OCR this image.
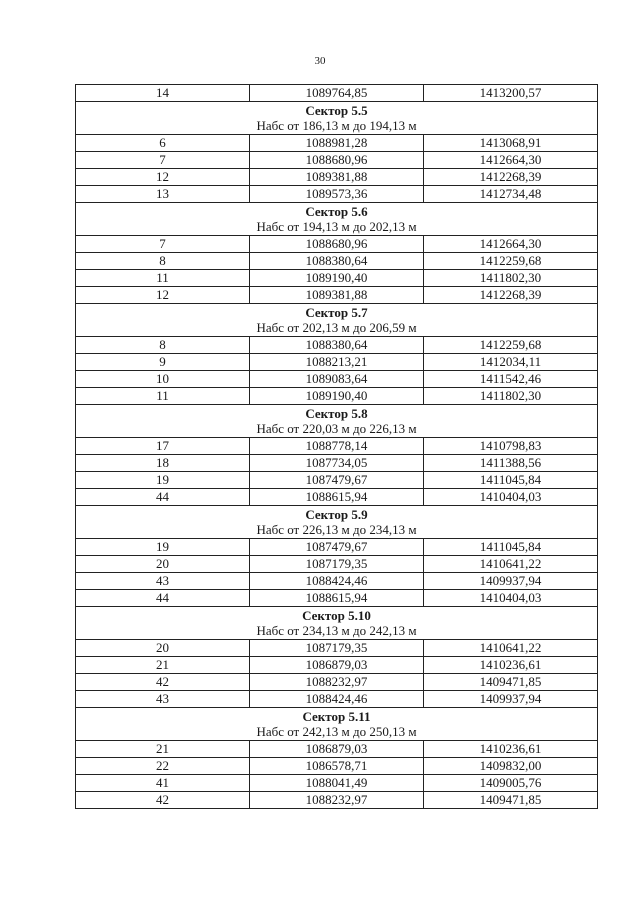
30
14	1089764,85	1413200,57

Сектор 5.5
Набс от 186,13 м до 194,13 м		

6	1088981,28	1413068,91
7	1088680,96	1412664,30
12	1089381,88	1412268,39
13	1089573,36	1412734,48

Сектор 5.6
Набс от 194,13 м до 202,13 м		

7	1088680,96	1412664,30
8	1088380,64	1412259,68
11	1089190,40	1411802,30
12	1089381,88	1412268,39

Сектор 5.7
Набс от 202,13 м до 206,59 м		

8	1088380,64	1412259,68
9	1088213,21	1412034,11
10	1089083,64	1411542,46
11	1089190,40	1411802,30

Сектор 5.8
Набс от 220,03 м до 226,13 м		

17	1088778,14	1410798,83
18	1087734,05	1411388,56
19	1087479,67	1411045,84
44	1088615,94	1410404,03

Сектор 5.9
Набс от 226,13 м до 234,13 м		

19	1087479,67	1411045,84
20	1087179,35	1410641,22
43	1088424,46	1409937,94
44	1088615,94	1410404,03

Сектор 5.10
Набс от 234,13 м до 242,13 м		

20	1087179,35	1410641,22
21	1086879,03	1410236,61
42	1088232,97	1409471,85
43	1088424,46	1409937,94

Сектор 5.11
Набс от 242,13 м до 250,13 м		

21	1086879,03	1410236,61
22	1086578,71	1409832,00
41	1088041,49	1409005,76
42	1088232,97	1409471,85
